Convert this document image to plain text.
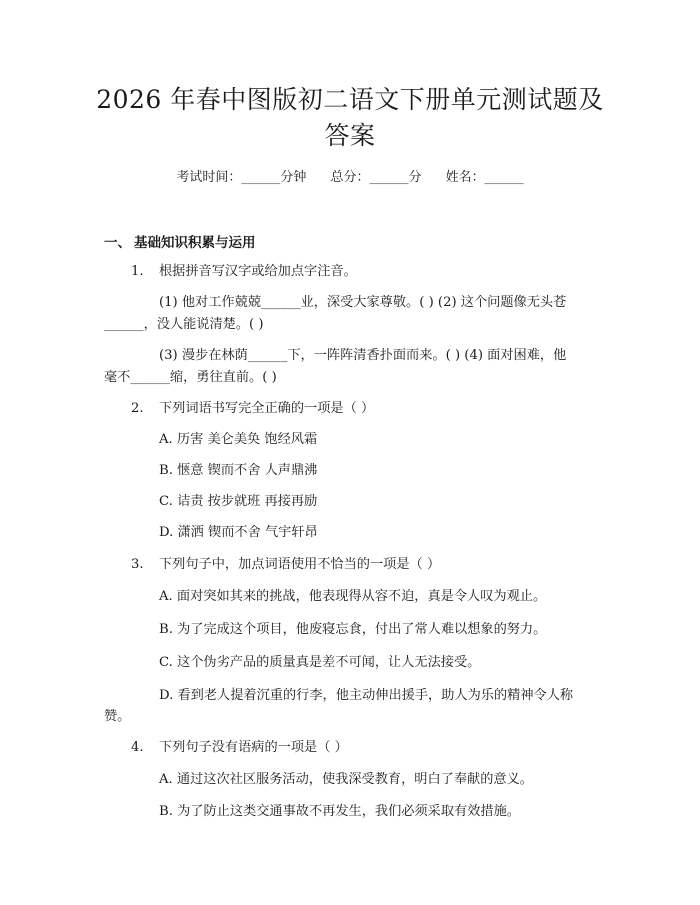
2026 年春中图版初二语文下册单元测试题及
答案
考试时间：______分钟 总分：______分 姓名：______
一、 基础知识积累与运用
1. 根据拼音写汉字或给加点字注音。
(1) 他对工作兢兢______业，深受大家尊敬。( ) (2) 这个问题像无头苍
______，没人能说清楚。( )
(3) 漫步在林荫______下，一阵阵清香扑面而来。( ) (4) 面对困难，他
毫不______缩，勇往直前。( )
2. 下列词语书写完全正确的一项是（ ）
A. 历害 美仑美奂 饱经风霜
B. 惬意 锲而不舍 人声鼎沸
C. 诘责 按步就班 再接再励
D. 潇洒 锲而不舍 气宇轩昂
3. 下列句子中，加点词语使用不恰当的一项是（ ）
A. 面对突如其来的挑战，他表现得从容不迫，真是令人叹为观止。
B. 为了完成这个项目，他废寝忘食，付出了常人难以想象的努力。
C. 这个伪劣产品的质量真是差不可闻，让人无法接受。
D. 看到老人提着沉重的行李，他主动伸出援手，助人为乐的精神令人称
赞。
4. 下列句子没有语病的一项是（ ）
A. 通过这次社区服务活动，使我深受教育，明白了奉献的意义。
B. 为了防止这类交通事故不再发生，我们必须采取有效措施。
